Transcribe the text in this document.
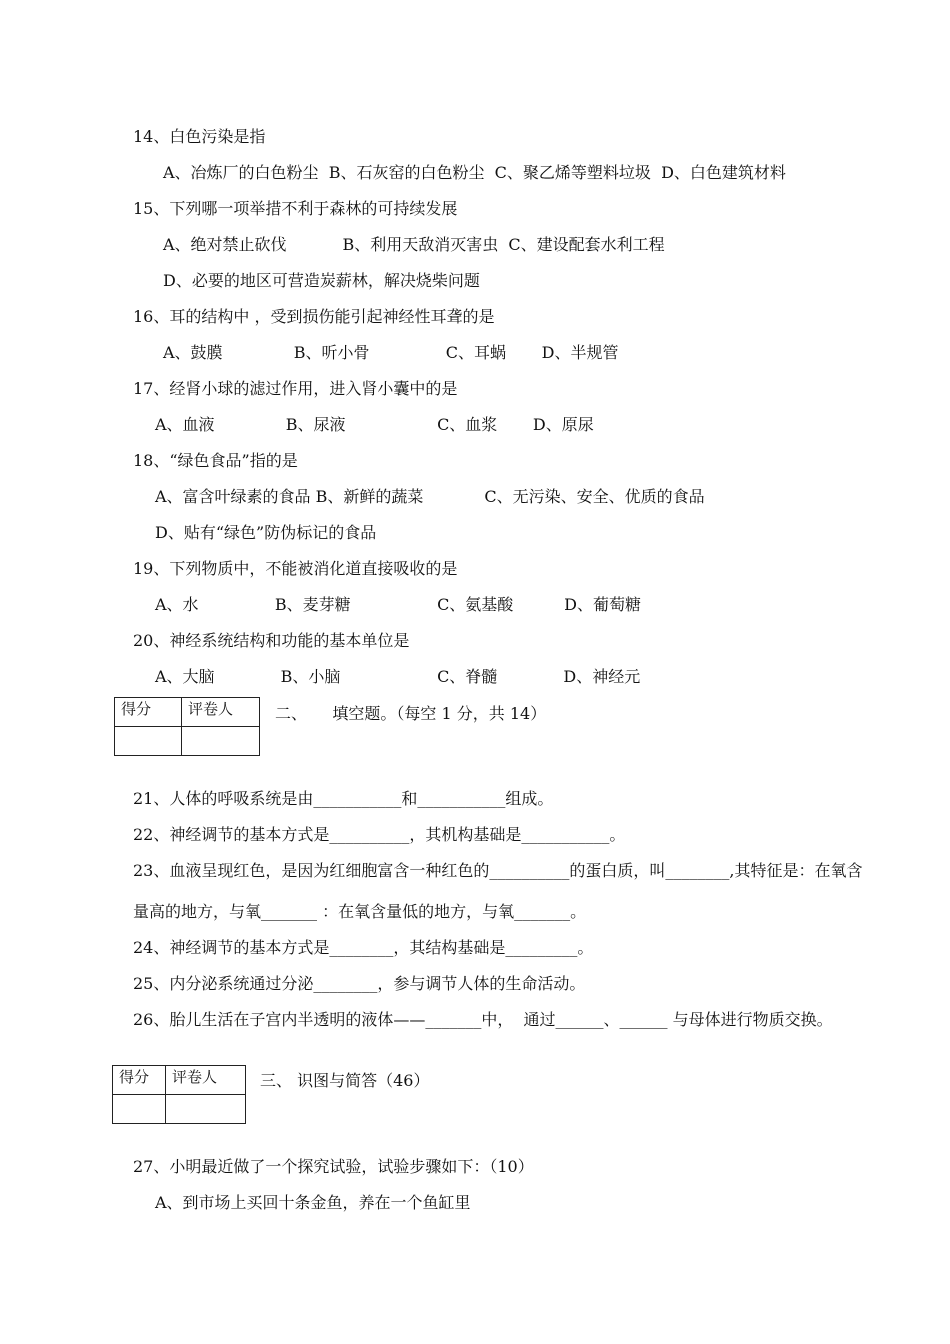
14、白色污染是指
A、冶炼厂的白色粉尘  B、石灰窑的白色粉尘  C、聚乙烯等塑料垃圾  D、白色建筑材料
15、下列哪一项举措不利于森林的可持续发展
A、绝对禁止砍伐           B、利用天敌消灭害虫  C、建设配套水利工程
D、必要的地区可营造炭薪林，解决烧柴问题
16、耳的结构中 ，受到损伤能引起神经性耳聋的是
A、鼓膜              B、听小骨               C、耳蜗       D、半规管
17、经肾小球的滤过作用，进入肾小囊中的是
A、血液              B、尿液                  C、血浆       D、原尿
18、“绿色食品”指的是
A、富含叶绿素的食品 B、新鲜的蔬菜            C、无污染、安全、优质的食品
D、贴有“绿色”防伪标记的食品
19、下列物质中，不能被消化道直接吸收的是
A、水               B、麦芽糖                 C、氨基酸          D、葡萄糖
20、神经系统结构和功能的基本单位是
A、大脑             B、小脑                   C、脊髓             D、神经元
得分	评卷人
		二、     填空题。（每空 1 分，共 14）
21、人体的呼吸系统是由___________和___________组成。
22、神经调节的基本方式是__________，其机构基础是___________。
23、血液呈现红色，是因为红细胞富含一种红色的__________的蛋白质，叫________,其特征是：在氧含
量高的地方，与氧_______ ：在氧含量低的地方，与氧_______。
24、神经调节的基本方式是________，其结构基础是_________。
25、内分泌系统通过分泌________，参与调节人体的生命活动。
26、胎儿生活在子宫内半透明的液体——_______中，  通过______、______ 与母体进行物质交换。
得分	评卷人
		三、 识图与简答（46）
27、小明最近做了一个探究试验，试验步骤如下：（10）
A、到市场上买回十条金鱼，养在一个鱼缸里
